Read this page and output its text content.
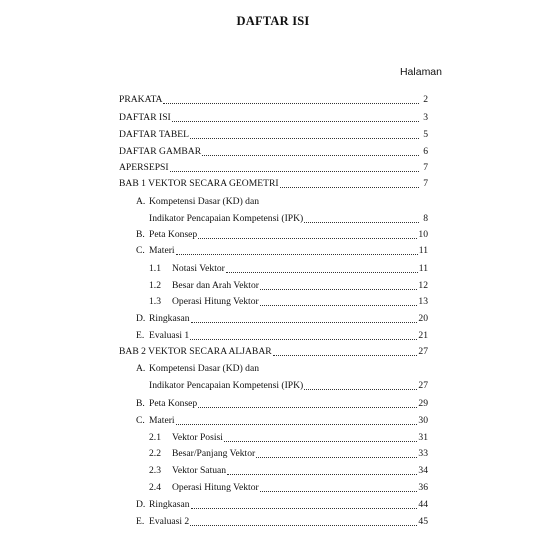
DAFTAR ISI
Halaman
PRAKATA	2
DAFTAR ISI	3
DAFTAR TABEL	5
DAFTAR GAMBAR	6
APERSEPSI	7
BAB 1 VEKTOR SECARA GEOMETRI	7
A. Kompetensi Dasar (KD) dan
Indikator Pencapaian Kompetensi (IPK)	8
B. Peta Konsep	10
C. Materi	11
1.1	Notasi Vektor	11
1.2	Besar dan Arah Vektor	12
1.3	Operasi Hitung Vektor	13
D. Ringkasan	20
E. Evaluasi 1	21
BAB 2 VEKTOR SECARA ALJABAR	27
A. Kompetensi Dasar (KD) dan
Indikator Pencapaian Kompetensi (IPK)	27
B. Peta Konsep	29
C. Materi	30
2.1	Vektor Posisi	31
2.2	Besar/Panjang Vektor	33
2.3	Vektor Satuan	34
2.4	Operasi Hitung Vektor	36
D. Ringkasan	44
E. Evaluasi 2	45
